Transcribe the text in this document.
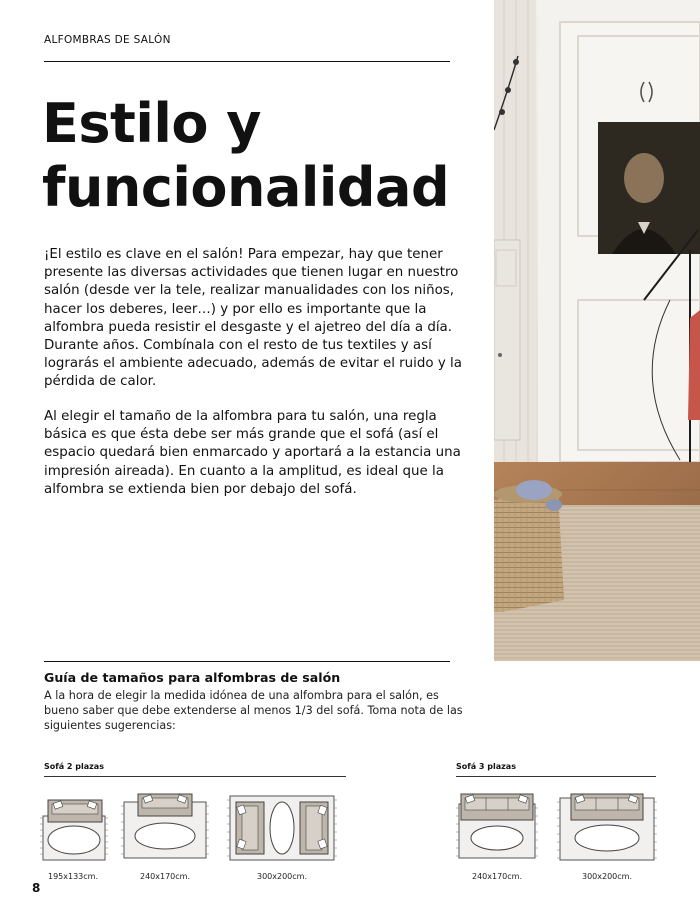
ALFOMBRAS DE SALÓN
Estilo y funcionalidad

¡El estilo es clave en el salón! Para empezar, hay que tener presente las diversas actividades que tienen lugar en nuestro salón (desde ver la tele, realizar manualidades con los niños, hacer los deberes, leer…) y por ello es importante que la alfombra pueda resistir el desgaste y el ajetreo del día a día. Durante años. Combínala con el resto de tus textiles y así lograrás el ambiente adecuado, además de evitar el ruido y la pérdida de calor.

Al elegir el tamaño de la alfombra para tu salón, una regla básica es que ésta debe ser más grande que el sofá (así el espacio quedará bien enmarcado y aportará a la estancia una impresión aireada). En cuanto a la amplitud, es ideal que la alfombra se extienda bien por debajo del sofá.

Guía de tamaños para alfombras de salón
A la hora de elegir la medida idónea de una alfombra para el salón, es bueno saber que debe extenderse al menos 1/3 del sofá. Toma nota de las siguientes sugerencias:
Sofá 2 plazas	Sofá 3 plazas
195x133cm.	240x170cm.	300x200cm.	240x170cm.	300x200cm.
8
